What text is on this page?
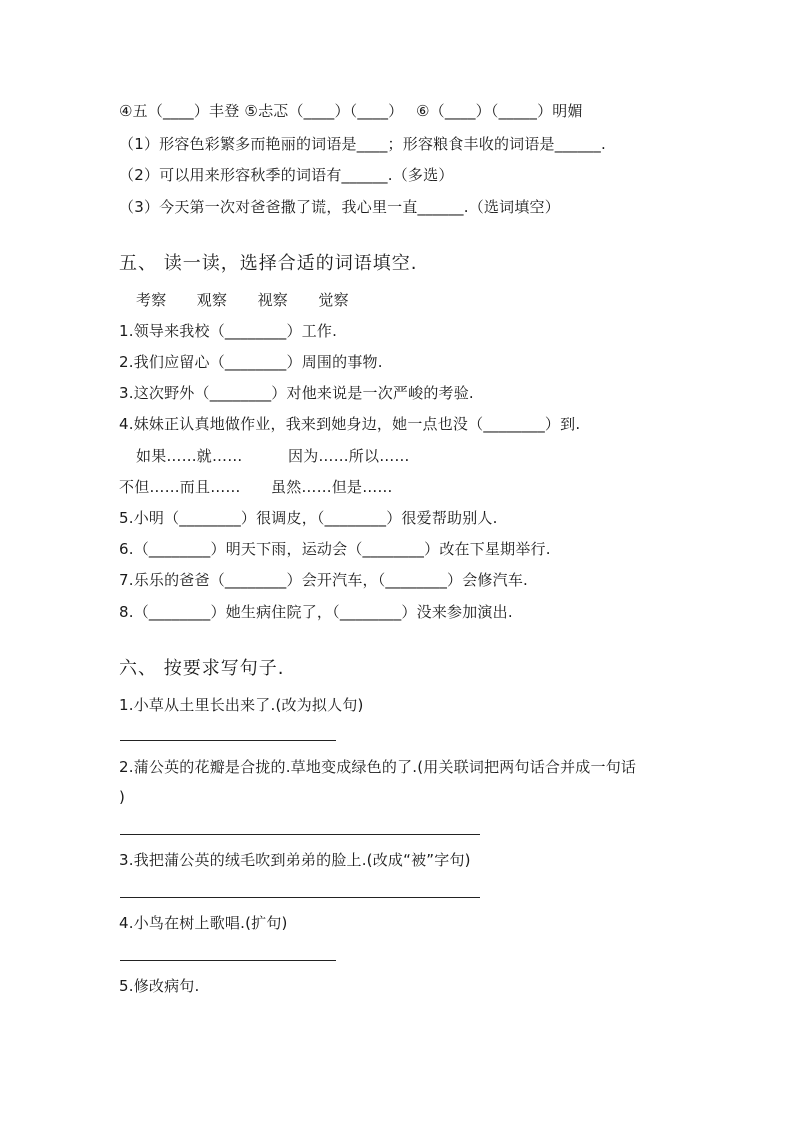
④五（____）丰登 ⑤忐忑（____）（____）　 ⑥（____）（_____）明媚
（1）形容色彩繁多而艳丽的词语是____；形容粮食丰收的词语是______.
（2）可以用来形容秋季的词语有______.（多选）
（3）今天第一次对爸爸撒了谎，我心里一直______.（选词填空）
五、 读一读，选择合适的词语填空.
考察　　观察　　视察　　觉察
1.领导来我校（________）工作.
2.我们应留心（________）周围的事物.
3.这次野外（________）对他来说是一次严峻的考验.
4.妹妹正认真地做作业，我来到她身边，她一点也没（________）到.
如果……就……　　　因为……所以……
不但……而且……　　虽然……但是……
5.小明（________）很调皮，（________）很爱帮助别人.
6.（________）明天下雨，运动会（________）改在下星期举行.
7.乐乐的爸爸（________）会开汽车，（________）会修汽车.
8.（________）她生病住院了，（________）没来参加演出.
六、 按要求写句子.
1.小草从土里长出来了.(改为拟人句)
2.蒲公英的花瓣是合拢的.草地变成绿色的了.(用关联词把两句话合并成一句话
)
3.我把蒲公英的绒毛吹到弟弟的脸上.(改成“被”字句)
4.小鸟在树上歌唱.(扩句)
5.修改病句.
